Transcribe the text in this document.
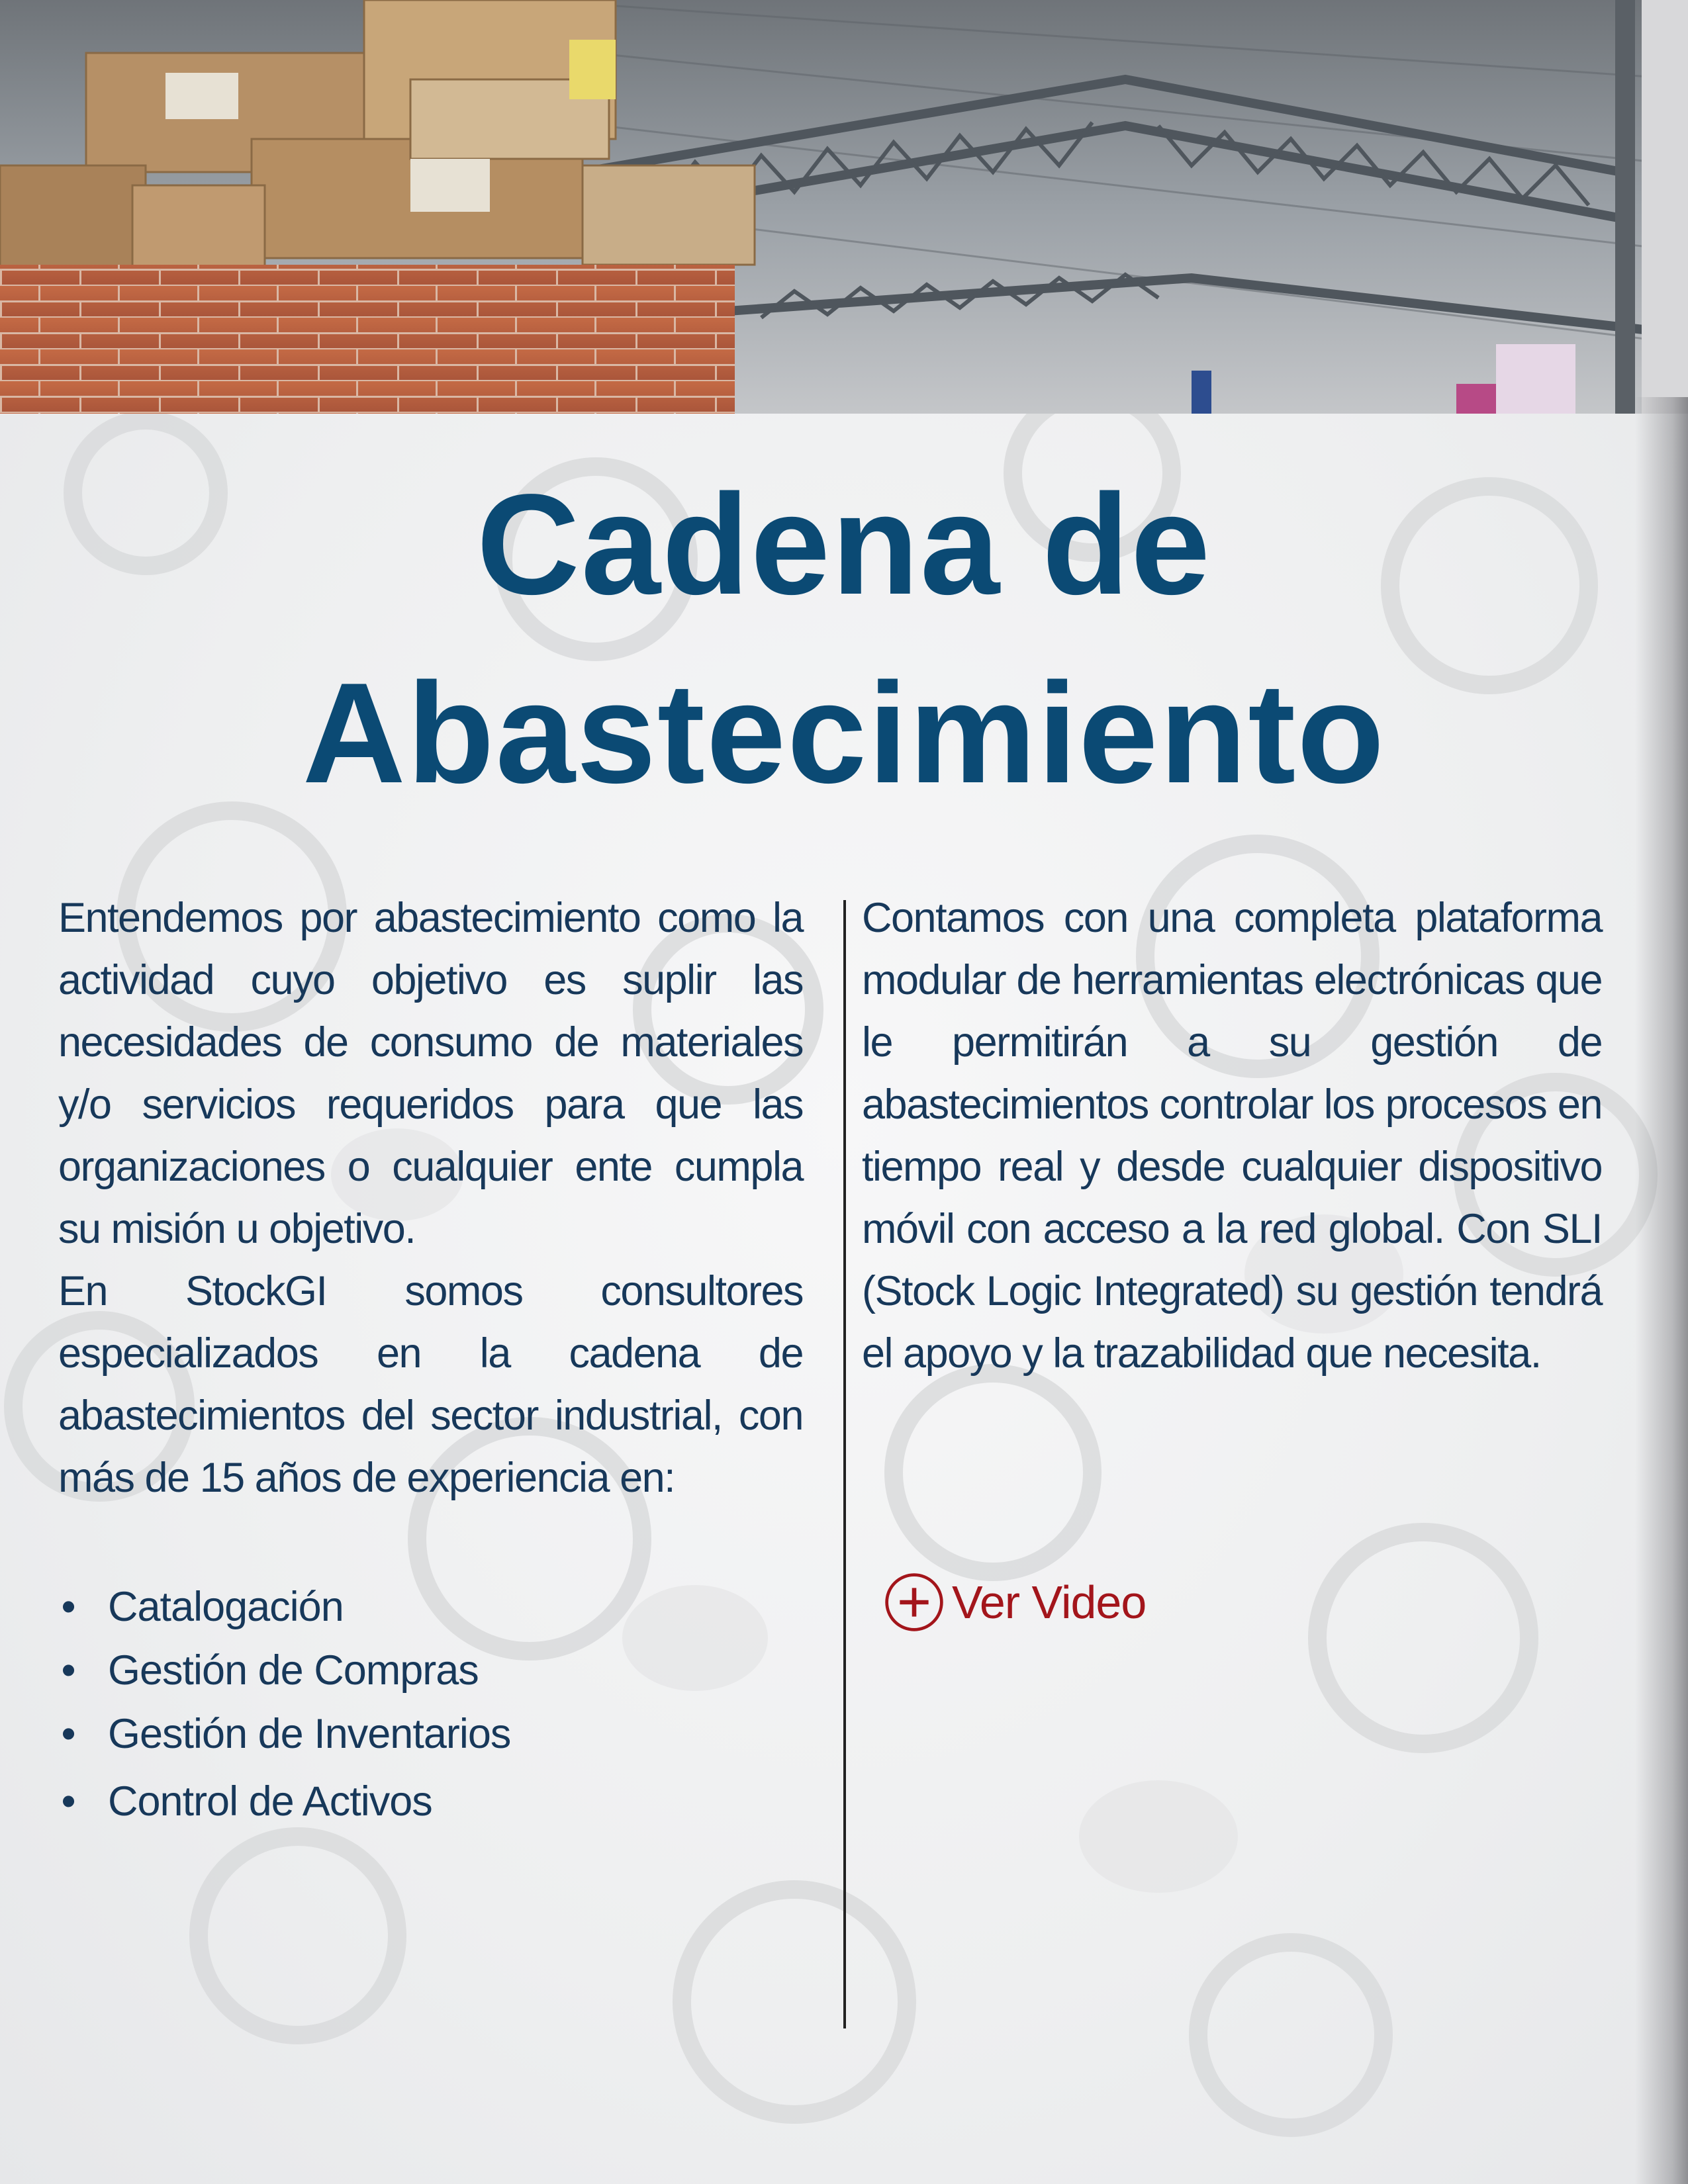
Cadena de
Abastecimiento

Entendemos por abastecimiento como la actividad cuyo objetivo es suplir las necesidades de consumo de materiales y/o servicios requeridos para que las organizaciones o cualquier ente cumpla su misión u objetivo.

En StockGI somos consultores especializados en la cadena de abastecimientos del sector industrial, con más de 15 años de experiencia en:

• Catalogación
• Gestión de Compras
• Gestión de Inventarios
• Control de Activos

Contamos con una completa plataforma modular de herramientas electrónicas que le permitirán a su gestión de abastecimientos controlar los procesos en tiempo real y desde cualquier dispositivo móvil con acceso a la red global. Con SLI (Stock Logic Integrated) su gestión tendrá el apoyo y la trazabilidad que necesita.

Ver Video
